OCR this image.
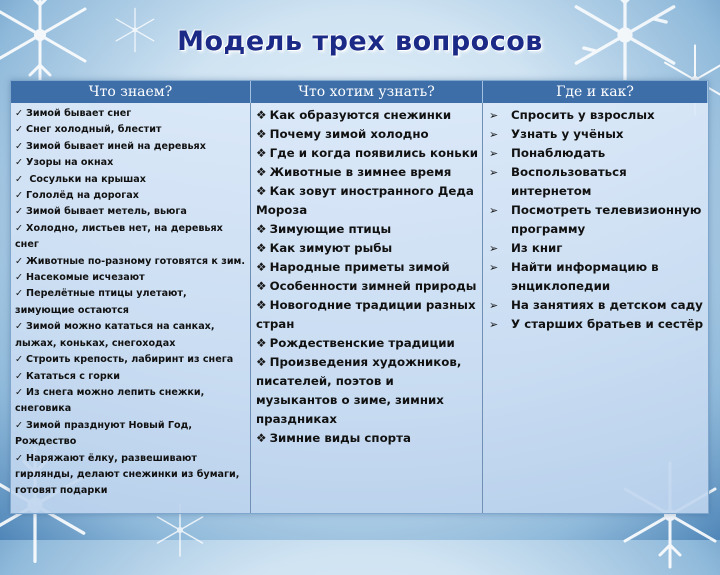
Модель трех вопросов
Что знаем?	Что хотим узнать?	Где и как?
✓ Зимой бывает снег
✓ Снег холодный, блестит
✓ Зимой бывает иней на деревьях
✓ Узоры на окнах
✓ Сосульки на крышах
✓ Гололёд на дорогах
✓ Зимой бывает метель, вьюга
✓ Холодно, листьев нет, на деревьях снег
✓ Животные по-разному готовятся к зим.
✓ Насекомые исчезают
✓ Перелётные птицы улетают, зимующие остаются
✓ Зимой можно кататься на санках, лыжах, коньках, снегоходах
✓ Строить крепость, лабиринт из снега
✓ Кататься с горки
✓ Из снега можно лепить снежки, снеговика
✓ Зимой празднуют Новый Год, Рождество
✓ Наряжают ёлку, развешивают гирлянды, делают снежинки из бумаги, готовят подарки
❖ Как образуются снежинки
❖ Почему зимой холодно
❖ Где и когда появились коньки
❖ Животные в зимнее время
❖ Как зовут иностранного Деда Мороза
❖ Зимующие птицы
❖ Как зимуют рыбы
❖ Народные приметы зимой
❖ Особенности зимней природы
❖ Новогодние традиции разных стран
❖ Рождественские традиции
❖ Произведения художников, писателей, поэтов и музыкантов о зиме, зимних праздниках
❖ Зимние виды спорта
➢ Спросить у взрослых
➢ Узнать у учёных
➢ Понаблюдать
➢ Воспользоваться интернетом
➢ Посмотреть телевизионную программу
➢ Из книг
➢ Найти информацию в энциклопедии
➢ На занятиях в детском саду
➢ У старших братьев и сестёр
